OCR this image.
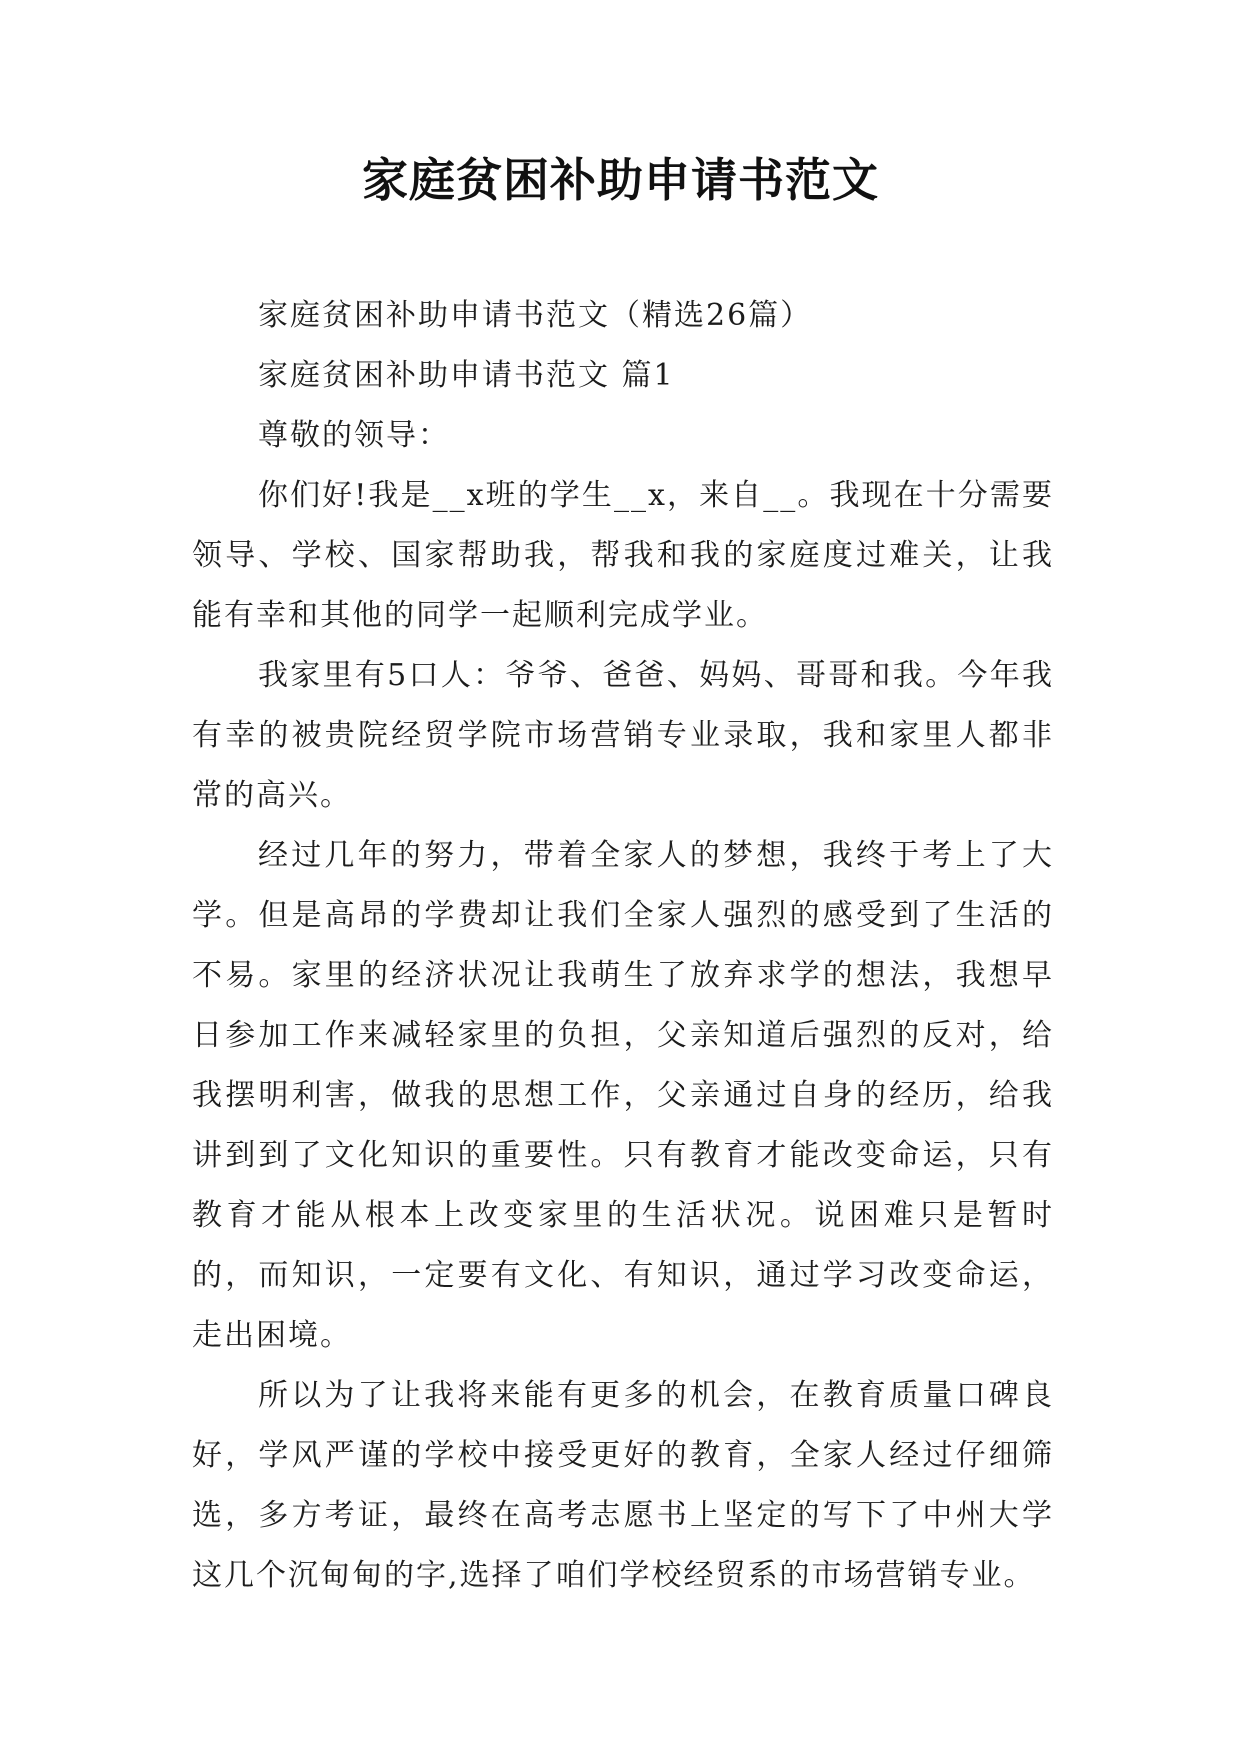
家庭贫困补助申请书范文

家庭贫困补助申请书范文（精选26篇）

家庭贫困补助申请书范文 篇1

尊敬的领导：

你们好!我是__x班的学生__x，来自__。我现在十分需要领导、学校、国家帮助我，帮我和我的家庭度过难关，让我能有幸和其他的同学一起顺利完成学业。

我家里有5口人：爷爷、爸爸、妈妈、哥哥和我。今年我有幸的被贵院经贸学院市场营销专业录取，我和家里人都非常的高兴。

经过几年的努力，带着全家人的梦想，我终于考上了大学。但是高昂的学费却让我们全家人强烈的感受到了生活的不易。家里的经济状况让我萌生了放弃求学的想法，我想早日参加工作来减轻家里的负担，父亲知道后强烈的反对，给我摆明利害，做我的思想工作，父亲通过自身的经历，给我讲到到了文化知识的重要性。只有教育才能改变命运，只有教育才能从根本上改变家里的生活状况。说困难只是暂时的，而知识，一定要有文化、有知识，通过学习改变命运，走出困境。

所以为了让我将来能有更多的机会，在教育质量口碑良好，学风严谨的学校中接受更好的教育，全家人经过仔细筛选，多方考证，最终在高考志愿书上坚定的写下了中州大学这几个沉甸甸的字,选择了咱们学校经贸系的市场营销专业。
